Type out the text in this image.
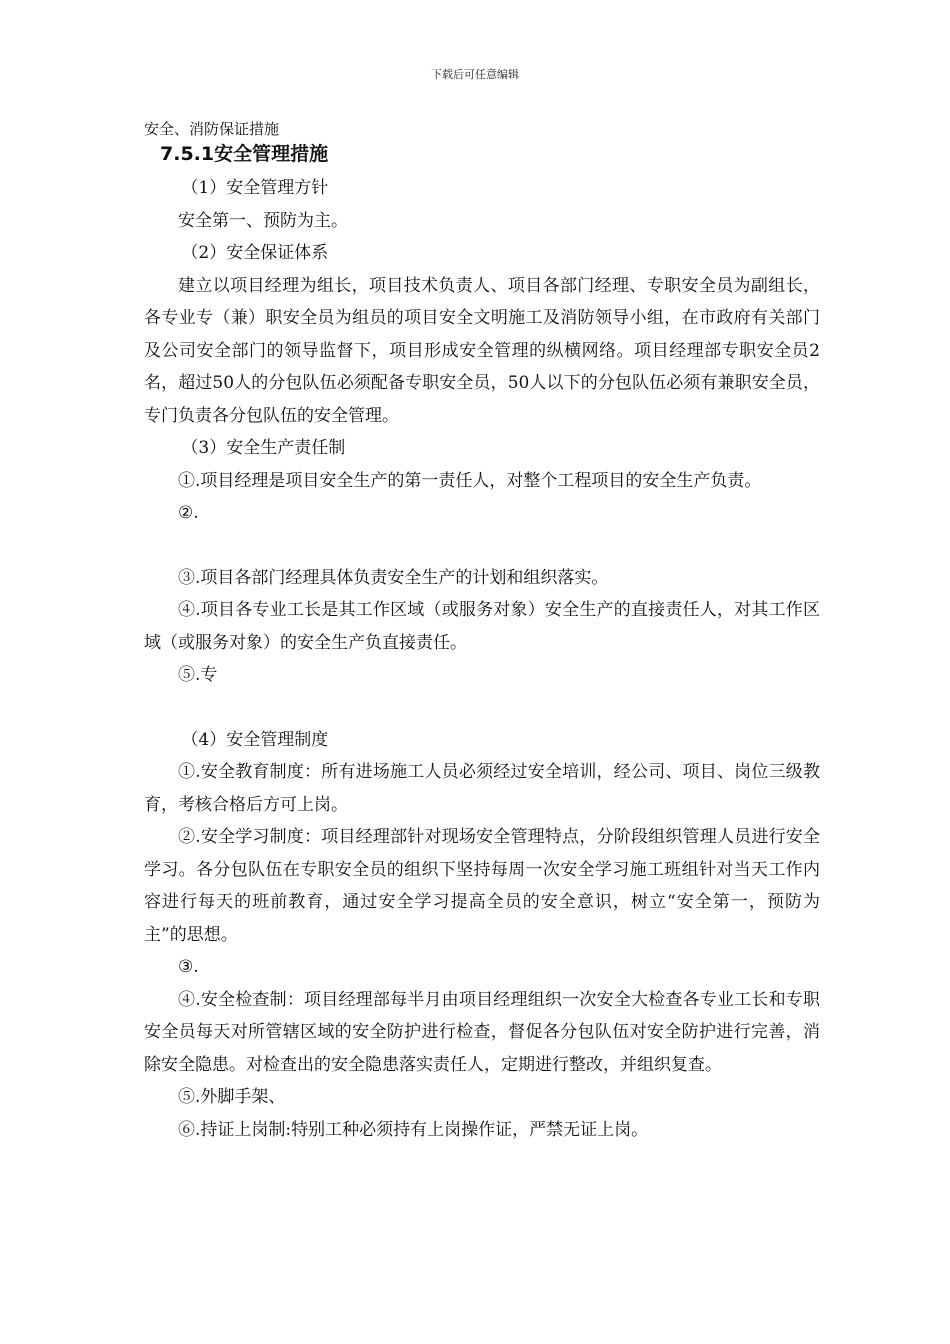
下载后可任意编辑
安全、消防保证措施
7.5.1安全管理措施

（1）安全管理方针

安全第一、预防为主。

（2）安全保证体系

建立以项目经理为组长，项目技术负责人、项目各部门经理、专职安全员为副组长，各专业专（兼）职安全员为组员的项目安全文明施工及消防领导小组，在市政府有关部门及公司安全部门的领导监督下，项目形成安全管理的纵横网络。项目经理部专职安全员2名，超过50人的分包队伍必须配备专职安全员，50人以下的分包队伍必须有兼职安全员，专门负责各分包队伍的安全管理。

（3）安全生产责任制

①.项目经理是项目安全生产的第一责任人，对整个工程项目的安全生产负责。

②.

③.项目各部门经理具体负责安全生产的计划和组织落实。

④.项目各专业工长是其工作区域（或服务对象）安全生产的直接责任人，对其工作区域（或服务对象）的安全生产负直接责任。

⑤.专

（4）安全管理制度

①.安全教育制度：所有进场施工人员必须经过安全培训，经公司、项目、岗位三级教育，考核合格后方可上岗。

②.安全学习制度：项目经理部针对现场安全管理特点，分阶段组织管理人员进行安全学习。各分包队伍在专职安全员的组织下坚持每周一次安全学习施工班组针对当天工作内容进行每天的班前教育，通过安全学习提高全员的安全意识，树立“安全第一，预防为主”的思想。

③.

④.安全检查制：项目经理部每半月由项目经理组织一次安全大检查各专业工长和专职安全员每天对所管辖区域的安全防护进行检查，督促各分包队伍对安全防护进行完善，消除安全隐患。对检查出的安全隐患落实责任人，定期进行整改，并组织复查。

⑤.外脚手架、

⑥.持证上岗制:特别工种必须持有上岗操作证，严禁无证上岗。
